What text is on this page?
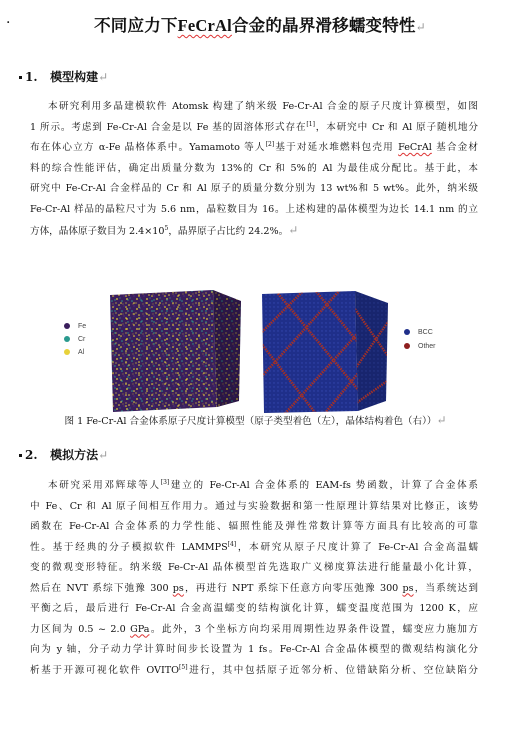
·	不同应力下FeCrAl合金的晶界滑移蠕变特性↵
1. 模型构建↵
本研究利用多晶建模软件 Atomsk 构建了纳米级 Fe-Cr-Al 合金的原子尺度计算模型，如图
1 所示。考虑到 Fe-Cr-Al 合金是以 Fe 基的固溶体形式存在[1]，本研究中 Cr 和 Al 原子随机地分
布在体心立方 α-Fe 晶格体系中。Yamamoto 等人[2]基于对延水堆燃料包壳用 FeCrAl 基合金材
料的综合性能评估，确定出质量分数为 13%的 Cr 和 5%的 Al 为最佳成分配比。基于此，本
研究中 Fe-Cr-Al 合金样品的 Cr 和 Al 原子的质量分数分别为 13 wt%和 5 wt%。此外，纳米级
Fe-Cr-Al 样品的晶粒尺寸为 5.6 nm，晶粒数目为 16。上述构建的晶体模型为边长 14.1 nm 的立
方体，晶体原子数目为 $2.4\times 10^5$，晶界原子占比约 24.2%。↵
Fe
Cr
Al
BCC
Other
图 1 Fe-Cr-Al 合金体系原子尺度计算模型（原子类型着色（左），晶体结构着色（右））↵
2. 模拟方法↵
本研究采用邓辉球等人[3]建立的 Fe-Cr-Al 合金体系的 EAM-fs 势函数，计算了合金体系
中 Fe、Cr 和 Al 原子间相互作用力。通过与实验数据和第一性原理计算结果对比修正，该势
函数在 Fe-Cr-Al 合金体系的力学性能、辐照性能及弹性常数计算等方面具有比较高的可靠
性。基于经典的分子模拟软件 LAMMPS[4]，本研究从原子尺度计算了 Fe-Cr-Al 合金高温蠕
变的微观变形特征。纳米级 Fe-Cr-Al 晶体模型首先选取广义梯度算法进行能量最小化计算，
然后在 NVT 系综下弛豫 300 ps，再进行 NPT 系综下任意方向零压弛豫 300 ps，当系统达到
平衡之后，最后进行 Fe-Cr-Al 合金高温蠕变的结构演化计算，蠕变温度范围为 1200 K，应
力区间为 0.5 ~ 2.0 GPa。此外，3 个坐标方向均采用周期性边界条件设置，蠕变应力施加方
向为 y 轴，分子动力学计算时间步长设置为 1 fs。Fe-Cr-Al 合金晶体模型的微观结构演化分
析基于开源可视化软件 OVITO[5]进行，其中包括原子近邻分析、位错缺陷分析、空位缺陷分
